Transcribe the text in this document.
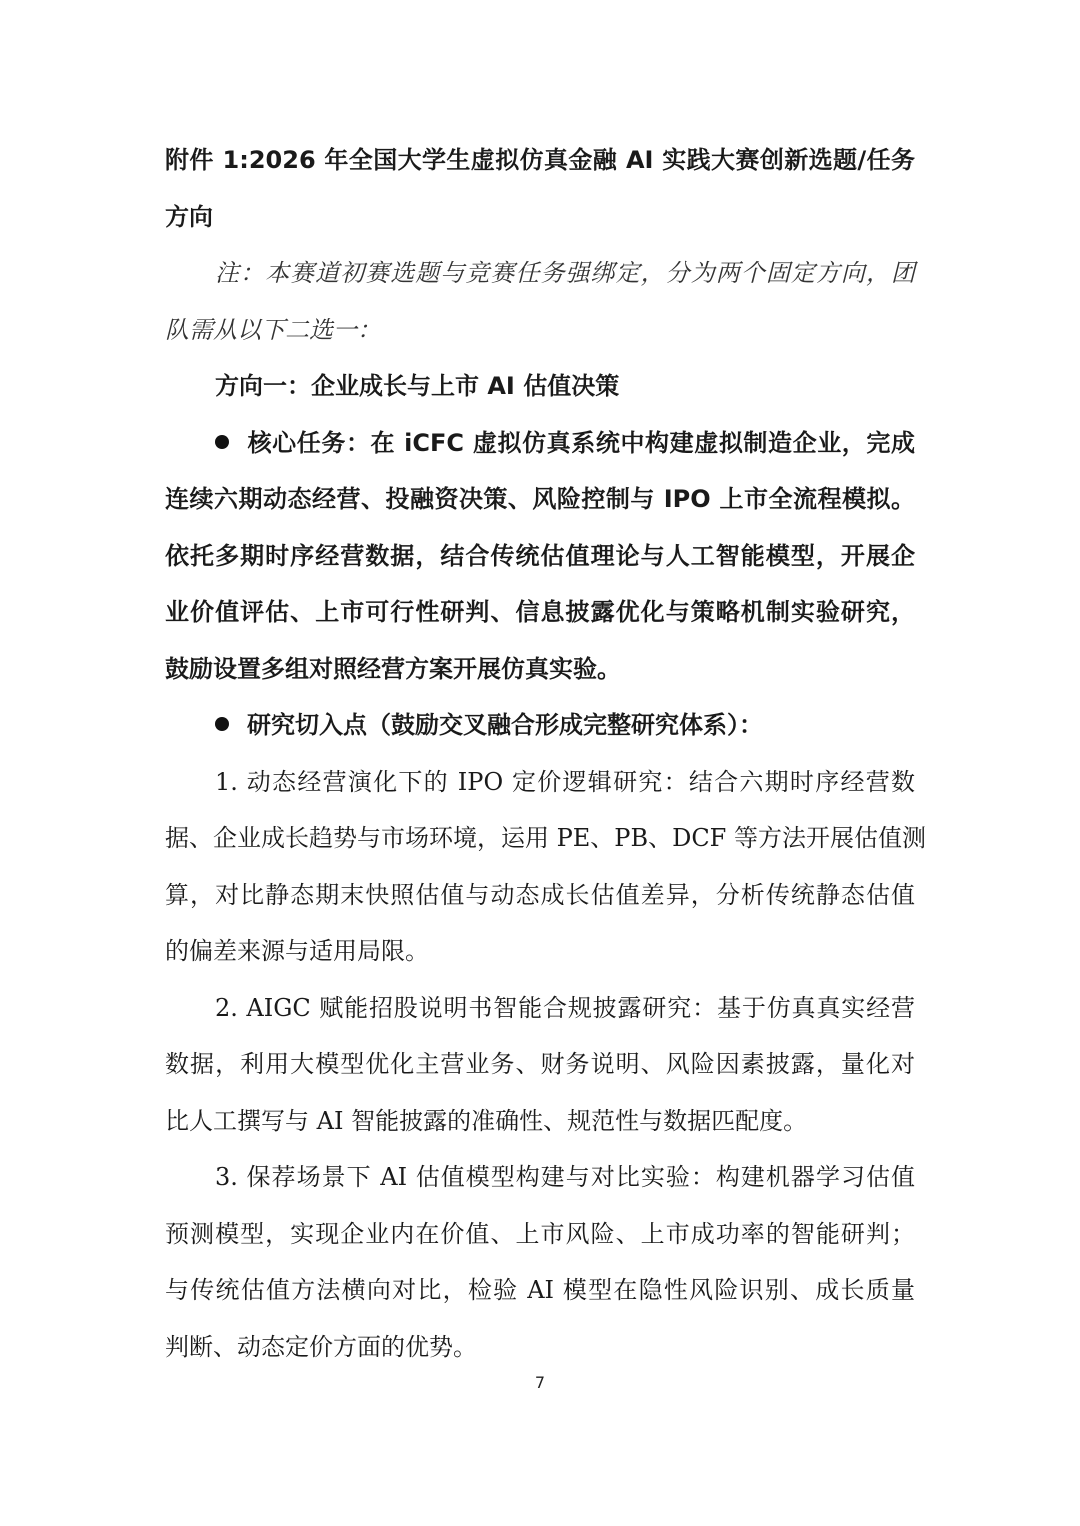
附件 1:2026 年全国大学生虚拟仿真金融 AI 实践大赛创新选题/任务
方向
注：本赛道初赛选题与竞赛任务强绑定，分为两个固定方向，团
队需从以下二选一：
方向一：企业成长与上市 AI 估值决策
核心任务：在 iCFC 虚拟仿真系统中构建虚拟制造企业，完成
连续六期动态经营、投融资决策、风险控制与 IPO 上市全流程模拟。
依托多期时序经营数据，结合传统估值理论与人工智能模型，开展企
业价值评估、上市可行性研判、信息披露优化与策略机制实验研究，
鼓励设置多组对照经营方案开展仿真实验。
研究切入点（鼓励交叉融合形成完整研究体系）：
1. 动态经营演化下的 IPO 定价逻辑研究：结合六期时序经营数
据、企业成长趋势与市场环境，运用 PE、PB、DCF 等方法开展估值测
算，对比静态期末快照估值与动态成长估值差异，分析传统静态估值
的偏差来源与适用局限。
2. AIGC 赋能招股说明书智能合规披露研究：基于仿真真实经营
数据，利用大模型优化主营业务、财务说明、风险因素披露，量化对
比人工撰写与 AI 智能披露的准确性、规范性与数据匹配度。
3. 保荐场景下 AI 估值模型构建与对比实验：构建机器学习估值
预测模型，实现企业内在价值、上市风险、上市成功率的智能研判；
与传统估值方法横向对比，检验 AI 模型在隐性风险识别、成长质量
判断、动态定价方面的优势。
7
